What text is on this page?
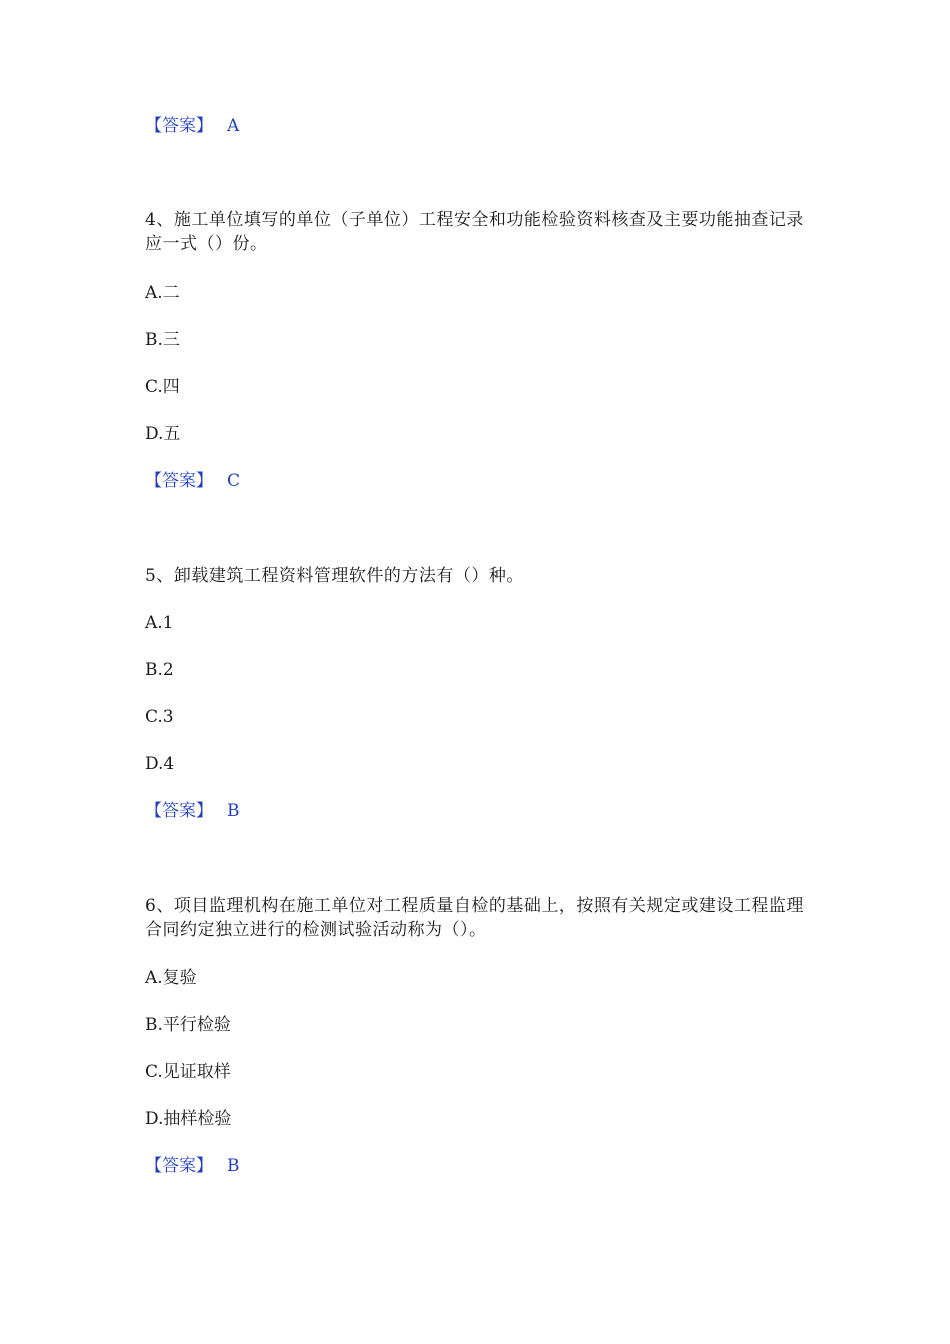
【答案】 A
4、施工单位填写的单位（子单位）工程安全和功能检验资料核查及主要功能抽查记录应一式（）份。
A.二
B.三
C.四
D.五
【答案】 C
5、卸载建筑工程资料管理软件的方法有（）种。
A.1
B.2
C.3
D.4
【答案】 B
6、项目监理机构在施工单位对工程质量自检的基础上，按照有关规定或建设工程监理合同约定独立进行的检测试验活动称为（）。
A.复验
B.平行检验
C.见证取样
D.抽样检验
【答案】 B
